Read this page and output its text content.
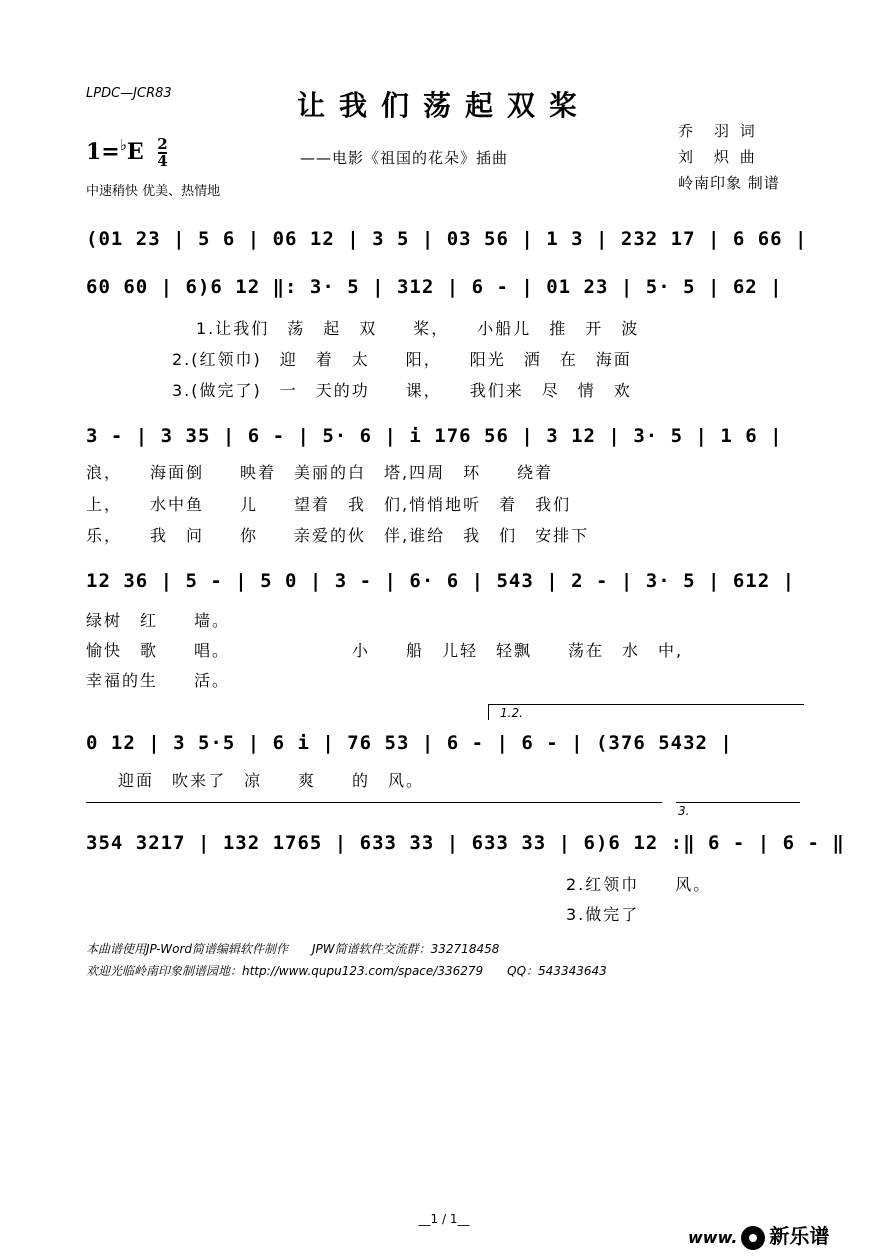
LPDC—JCR83	让我们荡起双桨
$1=^♭E \frac{2}{4}$	——电影《祖国的花朵》插曲
乔　羽 词
刘　炽 曲
岭南印象 制谱
中速稍快 优美、热情地
(01 23 | 5 6 | 06 12 | 3 5 | 03 56 | 1 3 | 232 17 | 6 66 |
60 60 | 6)6 12 ‖: 3· 5 | 312 | 6 - | 01 23 | 5· 5 | 62 |
1.让我们　荡　起　双　　桨，　　小船儿　推　开　波
2.(红领巾)　迎　着　太　　阳，　　阳光　洒　在　海面
3.(做完了)　一　天的功　　课，　　我们来　尽　情　欢
3 - | 3 35 | 6 - | 5· 6 | i 176 56 | 3 12 | 3· 5 | 1 6 |
浪，　　海面倒　　映着　美丽的白　塔,四周　环　　绕着
上，　　水中鱼　　儿　　望着　我　们,悄悄地听　着　我们
乐，　　我　问　　你　　亲爱的伙　伴,谁给　我　们　安排下
12 36 | 5 - | 5 0 | 3 - | 6· 6 | 543 | 2 - | 3· 5 | 612 |
绿树　红　　墙。
愉快　歌　　唱。
幸福的生　　活。
小　　船　儿轻　轻飘　　荡在　水　中,
1.2.
0 12 | 3 5·5 | 6 i | 76 53 | 6 - | 6 - | (376 5432 |
迎面　吹来了　凉　　爽　　的　风。
3.
354 3217 | 132 1765 | 633 33 | 633 33 | 6)6 12 :‖ 6 - | 6 - ‖
2.红领巾　　风。
3.做完了
本曲谱使用JP-Word简谱编辑软件制作　　JPW简谱软件交流群：332718458
欢迎光临岭南印象制谱园地：http://www.qupu123.com/space/336279　　QQ：543343643
__1 / 1__
www. 新乐谱
